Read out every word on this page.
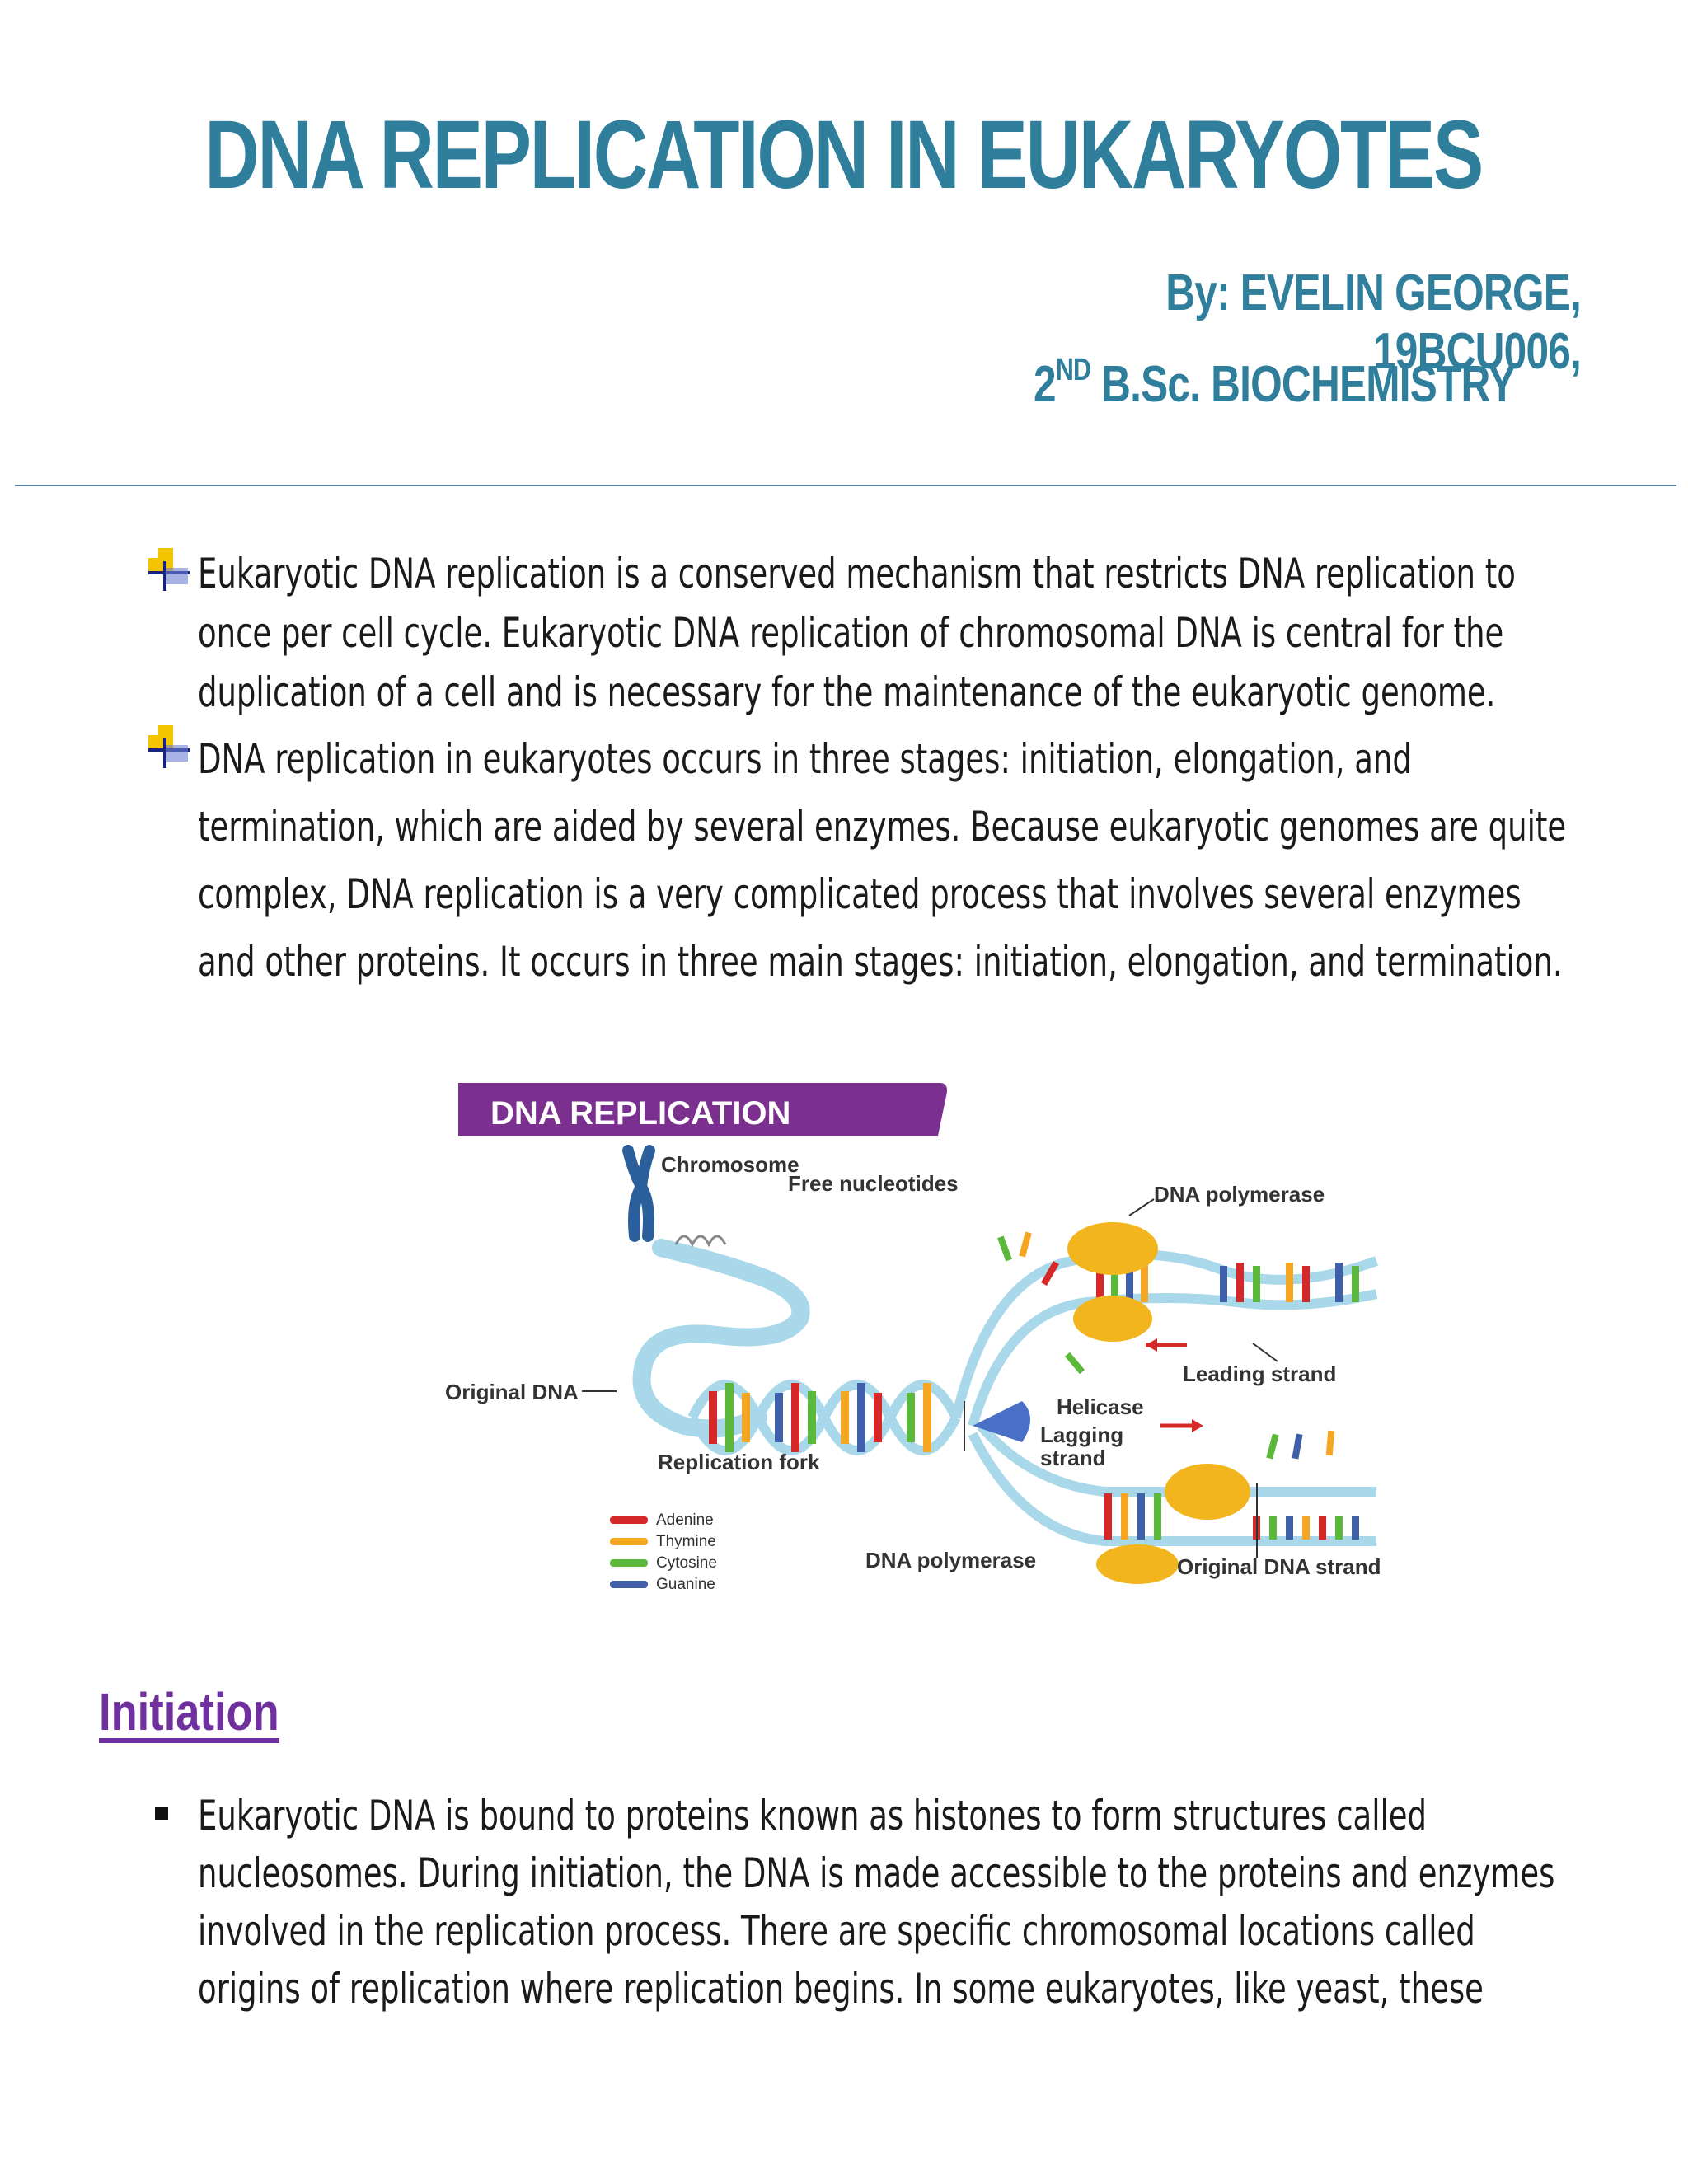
DNA REPLICATION IN EUKARYOTES
By: EVELIN GEORGE, 19BCU006,
2ND B.Sc. BIOCHEMISTRY
Eukaryotic DNA replication is a conserved mechanism that restricts DNA replication to
once per cell cycle. Eukaryotic DNA replication of chromosomal DNA is central for the
duplication of a cell and is necessary for the maintenance of the eukaryotic genome.
DNA replication in eukaryotes occurs in three stages: initiation, elongation, and
termination, which are aided by several enzymes. Because eukaryotic genomes are quite
complex, DNA replication is a very complicated process that involves several enzymes
and other proteins. It occurs in three main stages: initiation, elongation, and termination.
DNA REPLICATION
Chromosome
Free nucleotides	DNA polymerase
Leading strand
Original DNA
Helicase
Lagging
strand
Replication fork
DNA polymerase	Original DNA strand
Adenine
Thymine
Cytosine
Guanine
Initiation
Eukaryotic DNA is bound to proteins known as histones to form structures called
nucleosomes. During initiation, the DNA is made accessible to the proteins and enzymes
involved in the replication process. There are specific chromosomal locations called
origins of replication where replication begins. In some eukaryotes, like yeast, these
